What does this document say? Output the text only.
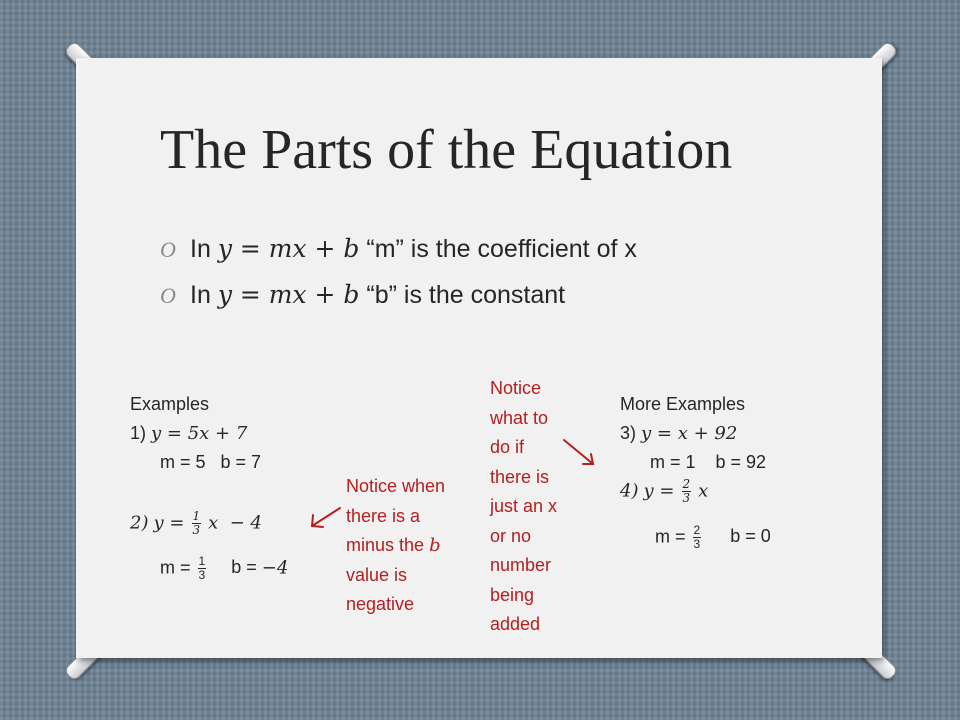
The Parts of the Equation
O In y = mx + b “m” is the coefficient of x
O In y = mx + b “b” is the constant
Examples
1) y = 5x + 7
m = 5   b = 7
2) $y = \frac{1}{3}$ x  − 4
$m = \frac{1}{3}$ b = −4
Notice when
there is a
minus the b
value is
negative
Notice
what to
do if
there is
just an x
or no
number
being
added
More Examples
3) y = x + 92
m = 1    b = 92
4) $y = \frac{2}{3}$ x
$m = \frac{2}{3}$ b = 0
